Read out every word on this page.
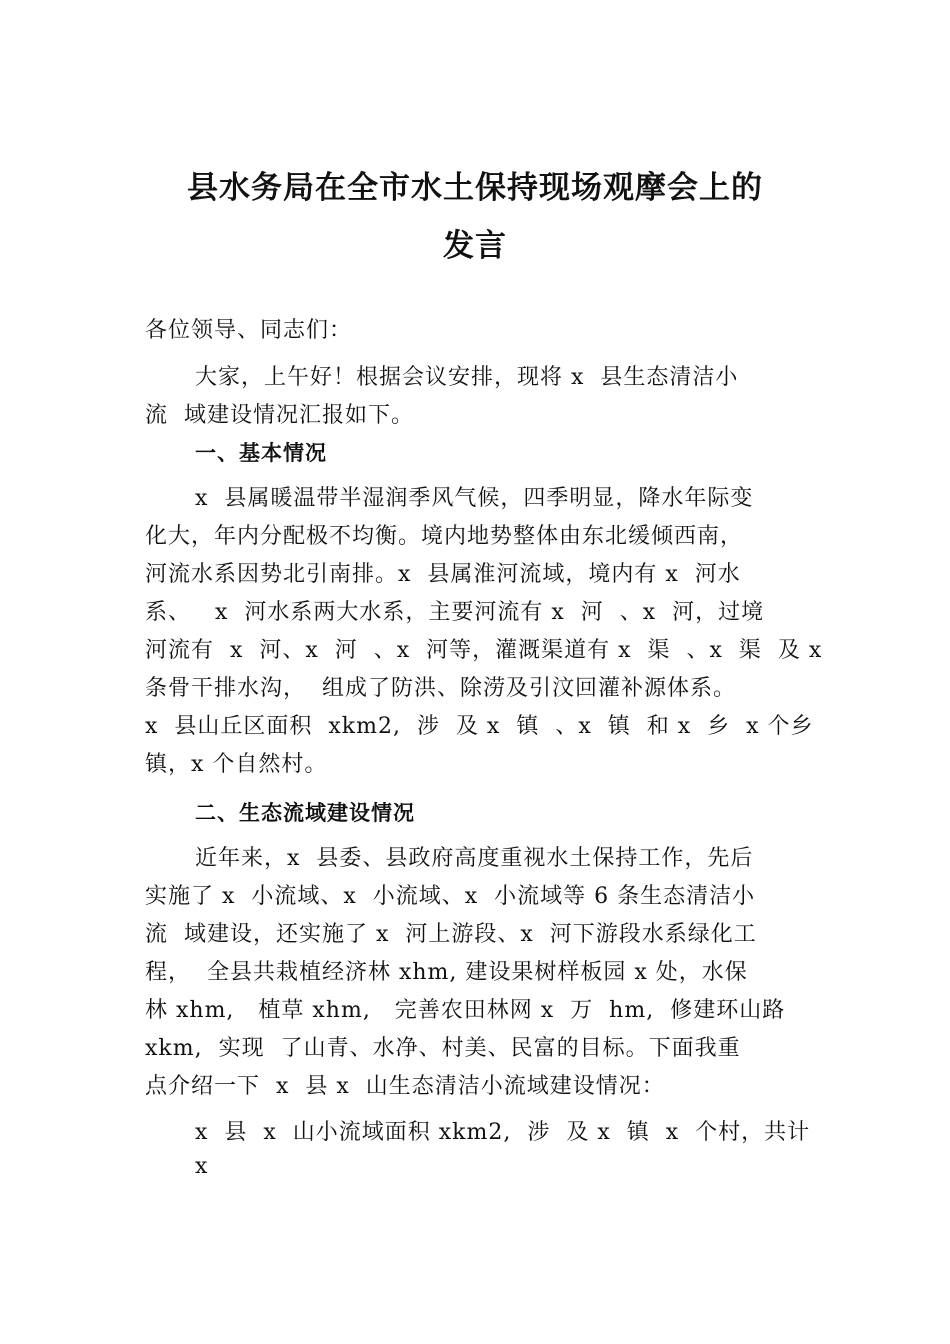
县水务局在全市水土保持现场观摩会上的
发言
各位领导、同志们：
大家，上午好！根据会议安排，现将 x  县生态清洁小
流  域建设情况汇报如下。
一、基本情况
x  县属暖温带半湿润季风气候，四季明显，降水年际变
化大，年内分配极不均衡。境内地势整体由东北缓倾西南，
河流水系因势北引南排。x  县属淮河流域，境内有 x  河水
系、   x  河水系两大水系，主要河流有 x  河  、x  河，过境
河流有  x  河、x  河  、x  河等，灌溉渠道有 x  渠  、x  渠  及 x
条骨干排水沟，  组成了防洪、除涝及引汶回灌补源体系。
x  县山丘区面积  xkm2,  涉  及 x  镇  、x  镇  和 x  乡  x 个乡
镇，x 个自然村。
二、生态流域建设情况
近年来，x  县委、县政府高度重视水土保持工作，先后
实施了 x  小流域、x  小流域、x  小流域等 6 条生态清洁小
流  域建设，还实施了 x  河上游段、x  河下游段水系绿化工
程，  全县共栽植经济林 xhm, 建设果树样板园 x 处，水保
林 xhm,   植草 xhm,   完善农田林网 x  万  hm,  修建环山路
xkm,  实现  了山青、水净、村美、民富的目标。下面我重
点介绍一下  x  县 x  山生态清洁小流域建设情况：
x  县  x  山小流域面积 xkm2,  涉  及 x  镇  x  个村，共计
x
